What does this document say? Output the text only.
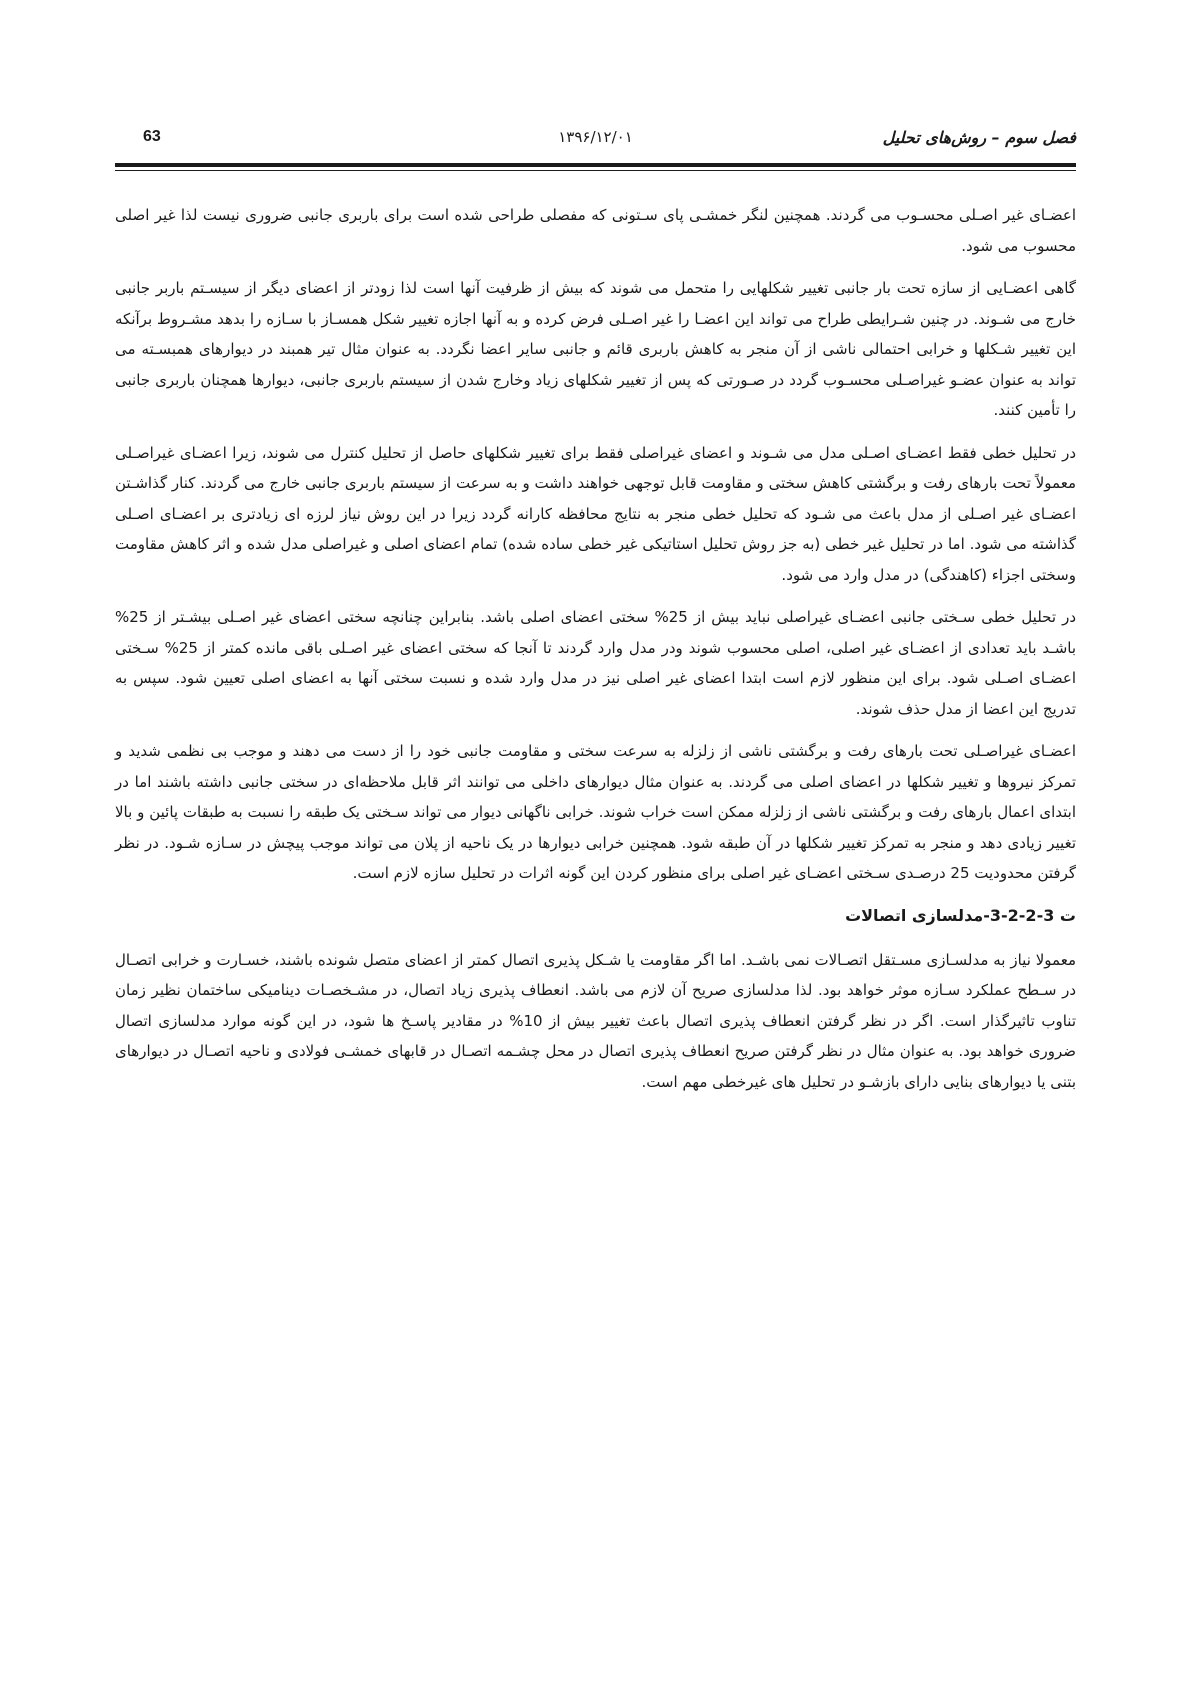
فصل سوم – روش‌های تحلیل
۱۳۹۶/۱۲/۰۱
63

اعضـای غیر اصـلی محسـوب می گردند. همچنین لنگر خمشـی پای سـتونی که مفصلی طراحی شده است برای باربری جانبی ضروری نیست لذا غیر اصلی محسوب می شود.

گاهی اعضـایی از سازه تحت بار جانبی تغییر شکلهایی را متحمل می شوند که بیش از ظرفیت آنها است لذا زودتر از اعضای دیگر از سیسـتم باربر جانبی خارج می شـوند. در چنین شـرایطی طراح می تواند این اعضـا را غیر اصـلی فرض کرده و به آنها اجازه تغییر شکل همسـاز با سـازه را بدهد مشـروط برآنکه این تغییر شـکلها و خرابی احتمالی ناشی از آن منجر به کاهش باربری قائم و جانبی سایر اعضا نگردد. به عنوان مثال تیر همبند در دیوارهای همبسـته می تواند به عنوان عضـو غیراصـلی محسـوب گردد در صـورتی که پس از تغییر شکلهای زیاد وخارج شدن از سیستم باربری جانبی، دیوارها همچنان باربری جانبی را تأمین کنند.

در تحلیل خطی فقط اعضـای اصـلی مدل می شـوند و اعضای غیراصلی فقط برای تغییر شکلهای حاصل از تحلیل کنترل می شوند، زیرا اعضـای غیراصـلی معمولاً تحت بارهای رفت و برگشتی کاهش سختی و مقاومت قابل توجهی خواهند داشت و به سرعت از سیستم باربری جانبی خارج می گردند. کنار گذاشـتن اعضـای غیر اصـلی از مدل باعث می شـود که تحلیل خطی منجر به نتایج محافظه کارانه گردد زیرا در این روش نیاز لرزه ای زیادتری بر اعضـای اصـلی گذاشته می شود. اما در تحلیل غیر خطی (به جز روش تحلیل استاتیکی غیر خطی ساده شده) تمام اعضای اصلی و غیراصلی مدل شده و اثر کاهش مقاومت وسختی اجزاء (کاهندگی) در مدل وارد می شود.

در تحلیل خطی سـختی جانبی اعضـای غیراصلی نباید بیش از 25% سختی اعضای اصلی باشد. بنابراین چنانچه سختی اعضای غیر اصـلی بیشـتر از 25% باشـد باید تعدادی از اعضـای غیر اصلی، اصلی محسوب شوند ودر مدل وارد گردند تا آنجا که سختی اعضای غیر اصـلی باقی مانده کمتر از 25% سـختی اعضـای اصـلی شود. برای این منظور لازم است ابتدا اعضای غیر اصلی نیز در مدل وارد شده و نسبت سختی آنها به اعضای اصلی تعیین شود. سپس به تدریج این اعضا از مدل حذف شوند.

اعضـای غیراصـلی تحت بارهای رفت و برگشتی ناشی از زلزله به سرعت سختی و مقاومت جانبی خود را از دست می دهند و موجب بی نظمی شدید و تمرکز نیروها و تغییر شکلها در اعضای اصلی می گردند. به عنوان مثال دیوارهای داخلی می توانند اثر قابل ملاحظه‌ای در سختی جانبی داشته باشند اما در ابتدای اعمال بارهای رفت و برگشتی ناشی از زلزله ممکن است خراب شوند. خرابی ناگهانی دیوار می تواند سـختی یک طبقه را نسبت به طبقات پائین و بالا تغییر زیادی دهد و منجر به تمرکز تغییر شکلها در آن طبقه شود. همچنین خرابی دیوارها در یک ناحیه از پلان می تواند موجب پیچش در سـازه شـود. در نظر گرفتن محدودیت 25 درصـدی سـختی اعضـای غیر اصلی برای منظور کردن این گونه اثرات در تحلیل سازه لازم است.

ت 3-2-2-3-مدلسازی اتصالات

معمولا نیاز به مدلسـازی مسـتقل اتصـالات نمی باشـد. اما اگر مقاومت یا شـکل پذیری اتصال کمتر از اعضای متصل شونده باشند، خسـارت و خرابی اتصـال در سـطح عملکرد سـازه موثر خواهد بود. لذا مدلسازی صریح آن لازم می باشد. انعطاف پذیری زیاد اتصال، در مشـخصـات دینامیکی ساختمان نظیر زمان تناوب تاثیرگذار است. اگر در نظر گرفتن انعطاف پذیری اتصال باعث تغییر بیش از 10% در مقادیر پاسـخ ها شود، در این گونه موارد مدلسازی اتصال ضروری خواهد بود. به عنوان مثال در نظر گرفتن صریح انعطاف پذیری اتصال در محل چشـمه اتصـال در قابهای خمشـی فولادی و ناحیه اتصـال در دیوارهای بتنی یا دیوارهای بنایی دارای بازشـو در تحلیل های غیرخطی مهم است.
